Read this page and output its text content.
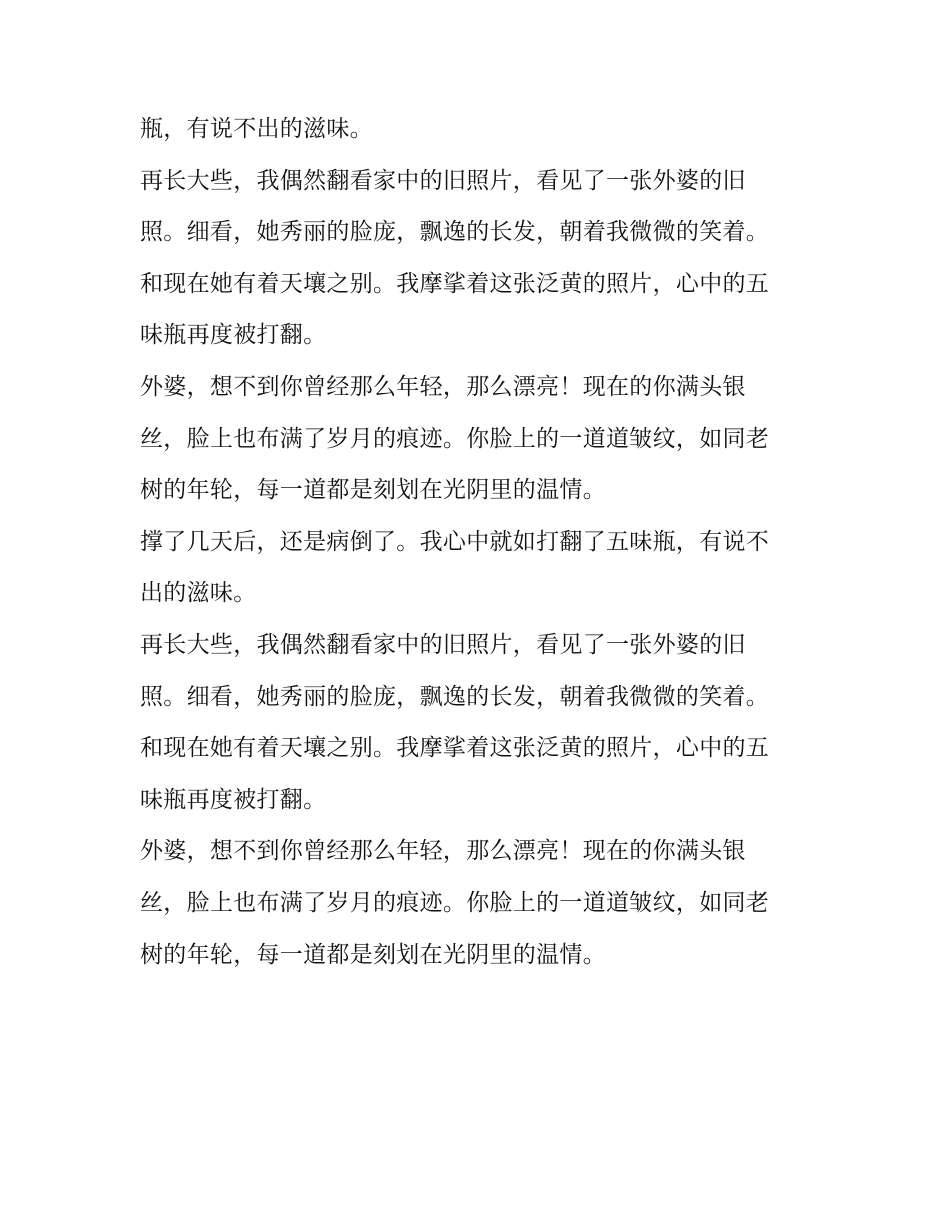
瓶，有说不出的滋味。
再长大些，我偶然翻看家中的旧照片，看见了一张外婆的旧
照。细看，她秀丽的脸庞，飘逸的长发，朝着我微微的笑着。
和现在她有着天壤之别。我摩挲着这张泛黄的照片，心中的五
味瓶再度被打翻。
外婆，想不到你曾经那么年轻，那么漂亮！现在的你满头银
丝，脸上也布满了岁月的痕迹。你脸上的一道道皱纹，如同老
树的年轮，每一道都是刻划在光阴里的温情。
撑了几天后，还是病倒了。我心中就如打翻了五味瓶，有说不
出的滋味。
再长大些，我偶然翻看家中的旧照片，看见了一张外婆的旧
照。细看，她秀丽的脸庞，飘逸的长发，朝着我微微的笑着。
和现在她有着天壤之别。我摩挲着这张泛黄的照片，心中的五
味瓶再度被打翻。
外婆，想不到你曾经那么年轻，那么漂亮！现在的你满头银
丝，脸上也布满了岁月的痕迹。你脸上的一道道皱纹，如同老
树的年轮，每一道都是刻划在光阴里的温情。
